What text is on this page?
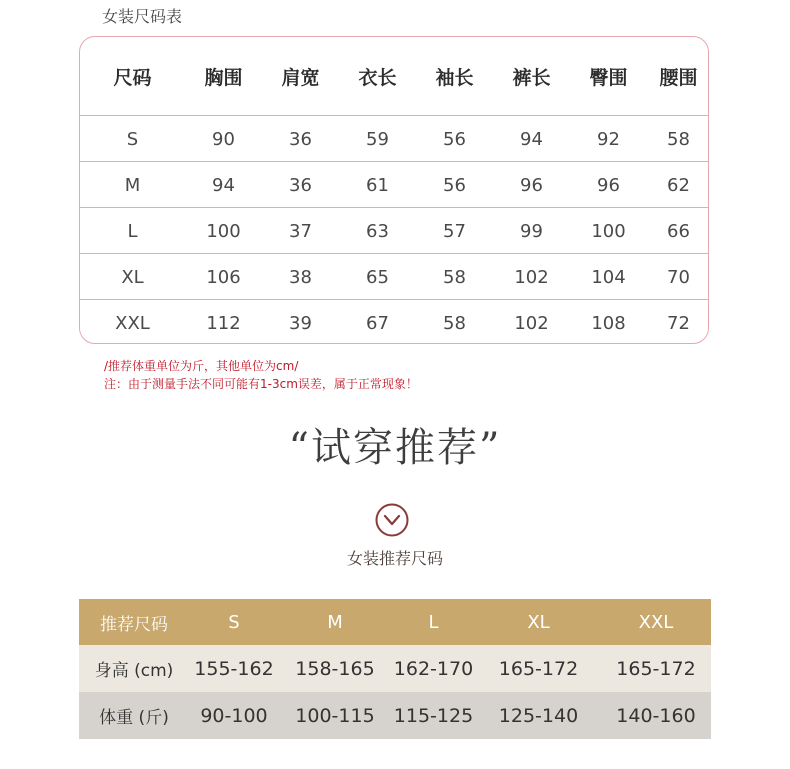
女装尺码表
尺码	胸围	肩宽	衣长	袖长	裤长	臀围	腰围
S	90	36	59	56	94	92	58
M	94	36	61	56	96	96	62
L	100	37	63	57	99	100	66
XL	106	38	65	58	102	104	70
XXL	112	39	67	58	102	108	72
/推荐体重单位为斤，其他单位为cm/
注：由于测量手法不同可能有1-3cm误差，属于正常现象！
“试穿推荐”
女装推荐尺码
推荐尺码	S	M	L	XL	XXL
身高 (cm)	155-162	158-165	162-170	165-172	165-172
体重 (斤)	90-100	100-115	115-125	125-140	140-160
